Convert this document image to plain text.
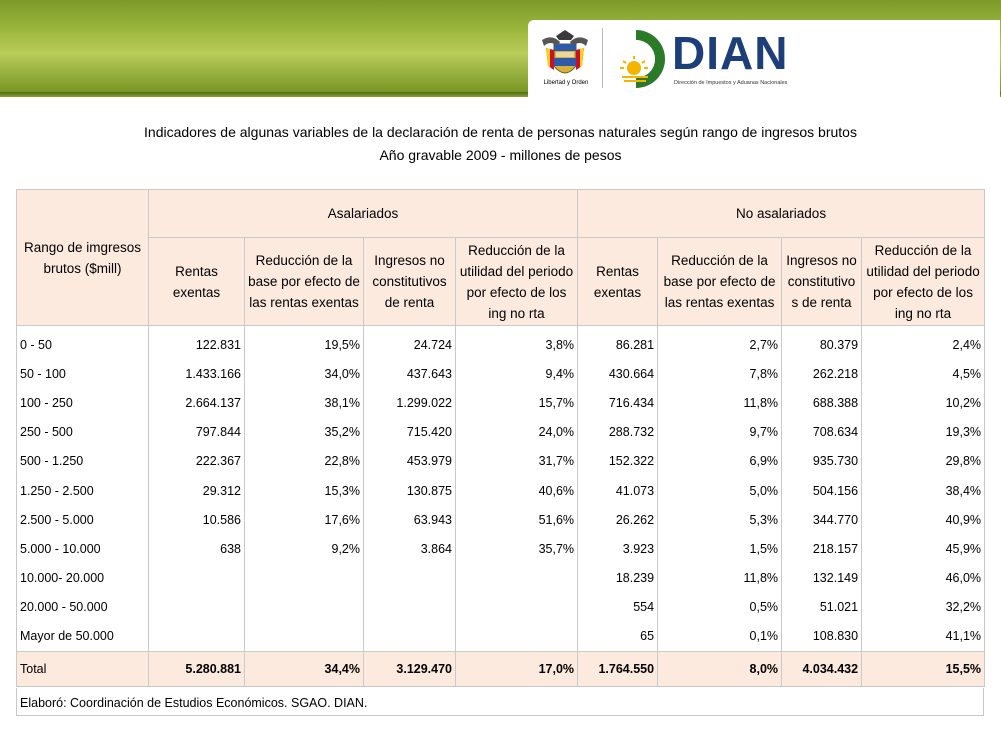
Libertad y Orden
DIAN
Dirección de Impuestos y Aduanas Nacionales
Indicadores de algunas variables de la declaración de renta de personas naturales según rango de ingresos brutos
Año gravable 2009 - millones de pesos
Rango de imgresos brutos ($mill)	Asalariados				No asalariados			
	Rentas exentas	Reducción de la base por efecto de las rentas exentas	Ingresos no constitutivos de renta	Reducción de la utilidad del periodo por efecto de los ing no rta	Rentas exentas	Reducción de la base por efecto de las rentas exentas	Ingresos no constitutivo s de renta	Reducción de la utilidad del periodo por efecto de los ing no rta
0 - 50	122.831	19,5%	24.724	3,8%	86.281	2,7%	80.379	2,4%
50 - 100	1.433.166	34,0%	437.643	9,4%	430.664	7,8%	262.218	4,5%
100 - 250	2.664.137	38,1%	1.299.022	15,7%	716.434	11,8%	688.388	10,2%
250 - 500	797.844	35,2%	715.420	24,0%	288.732	9,7%	708.634	19,3%
500 - 1.250	222.367	22,8%	453.979	31,7%	152.322	6,9%	935.730	29,8%
1.250 - 2.500	29.312	15,3%	130.875	40,6%	41.073	5,0%	504.156	38,4%
2.500 - 5.000	10.586	17,6%	63.943	51,6%	26.262	5,3%	344.770	40,9%
5.000 - 10.000	638	9,2%	3.864	35,7%	3.923	1,5%	218.157	45,9%
10.000- 20.000					18.239	11,8%	132.149	46,0%
20.000 - 50.000					554	0,5%	51.021	32,2%
Mayor de 50.000					65	0,1%	108.830	41,1%
Total	5.280.881	34,4%	3.129.470	17,0%	1.764.550	8,0%	4.034.432	15,5%
Elaboró: Coordinación de Estudios Económicos. SGAO. DIAN.
